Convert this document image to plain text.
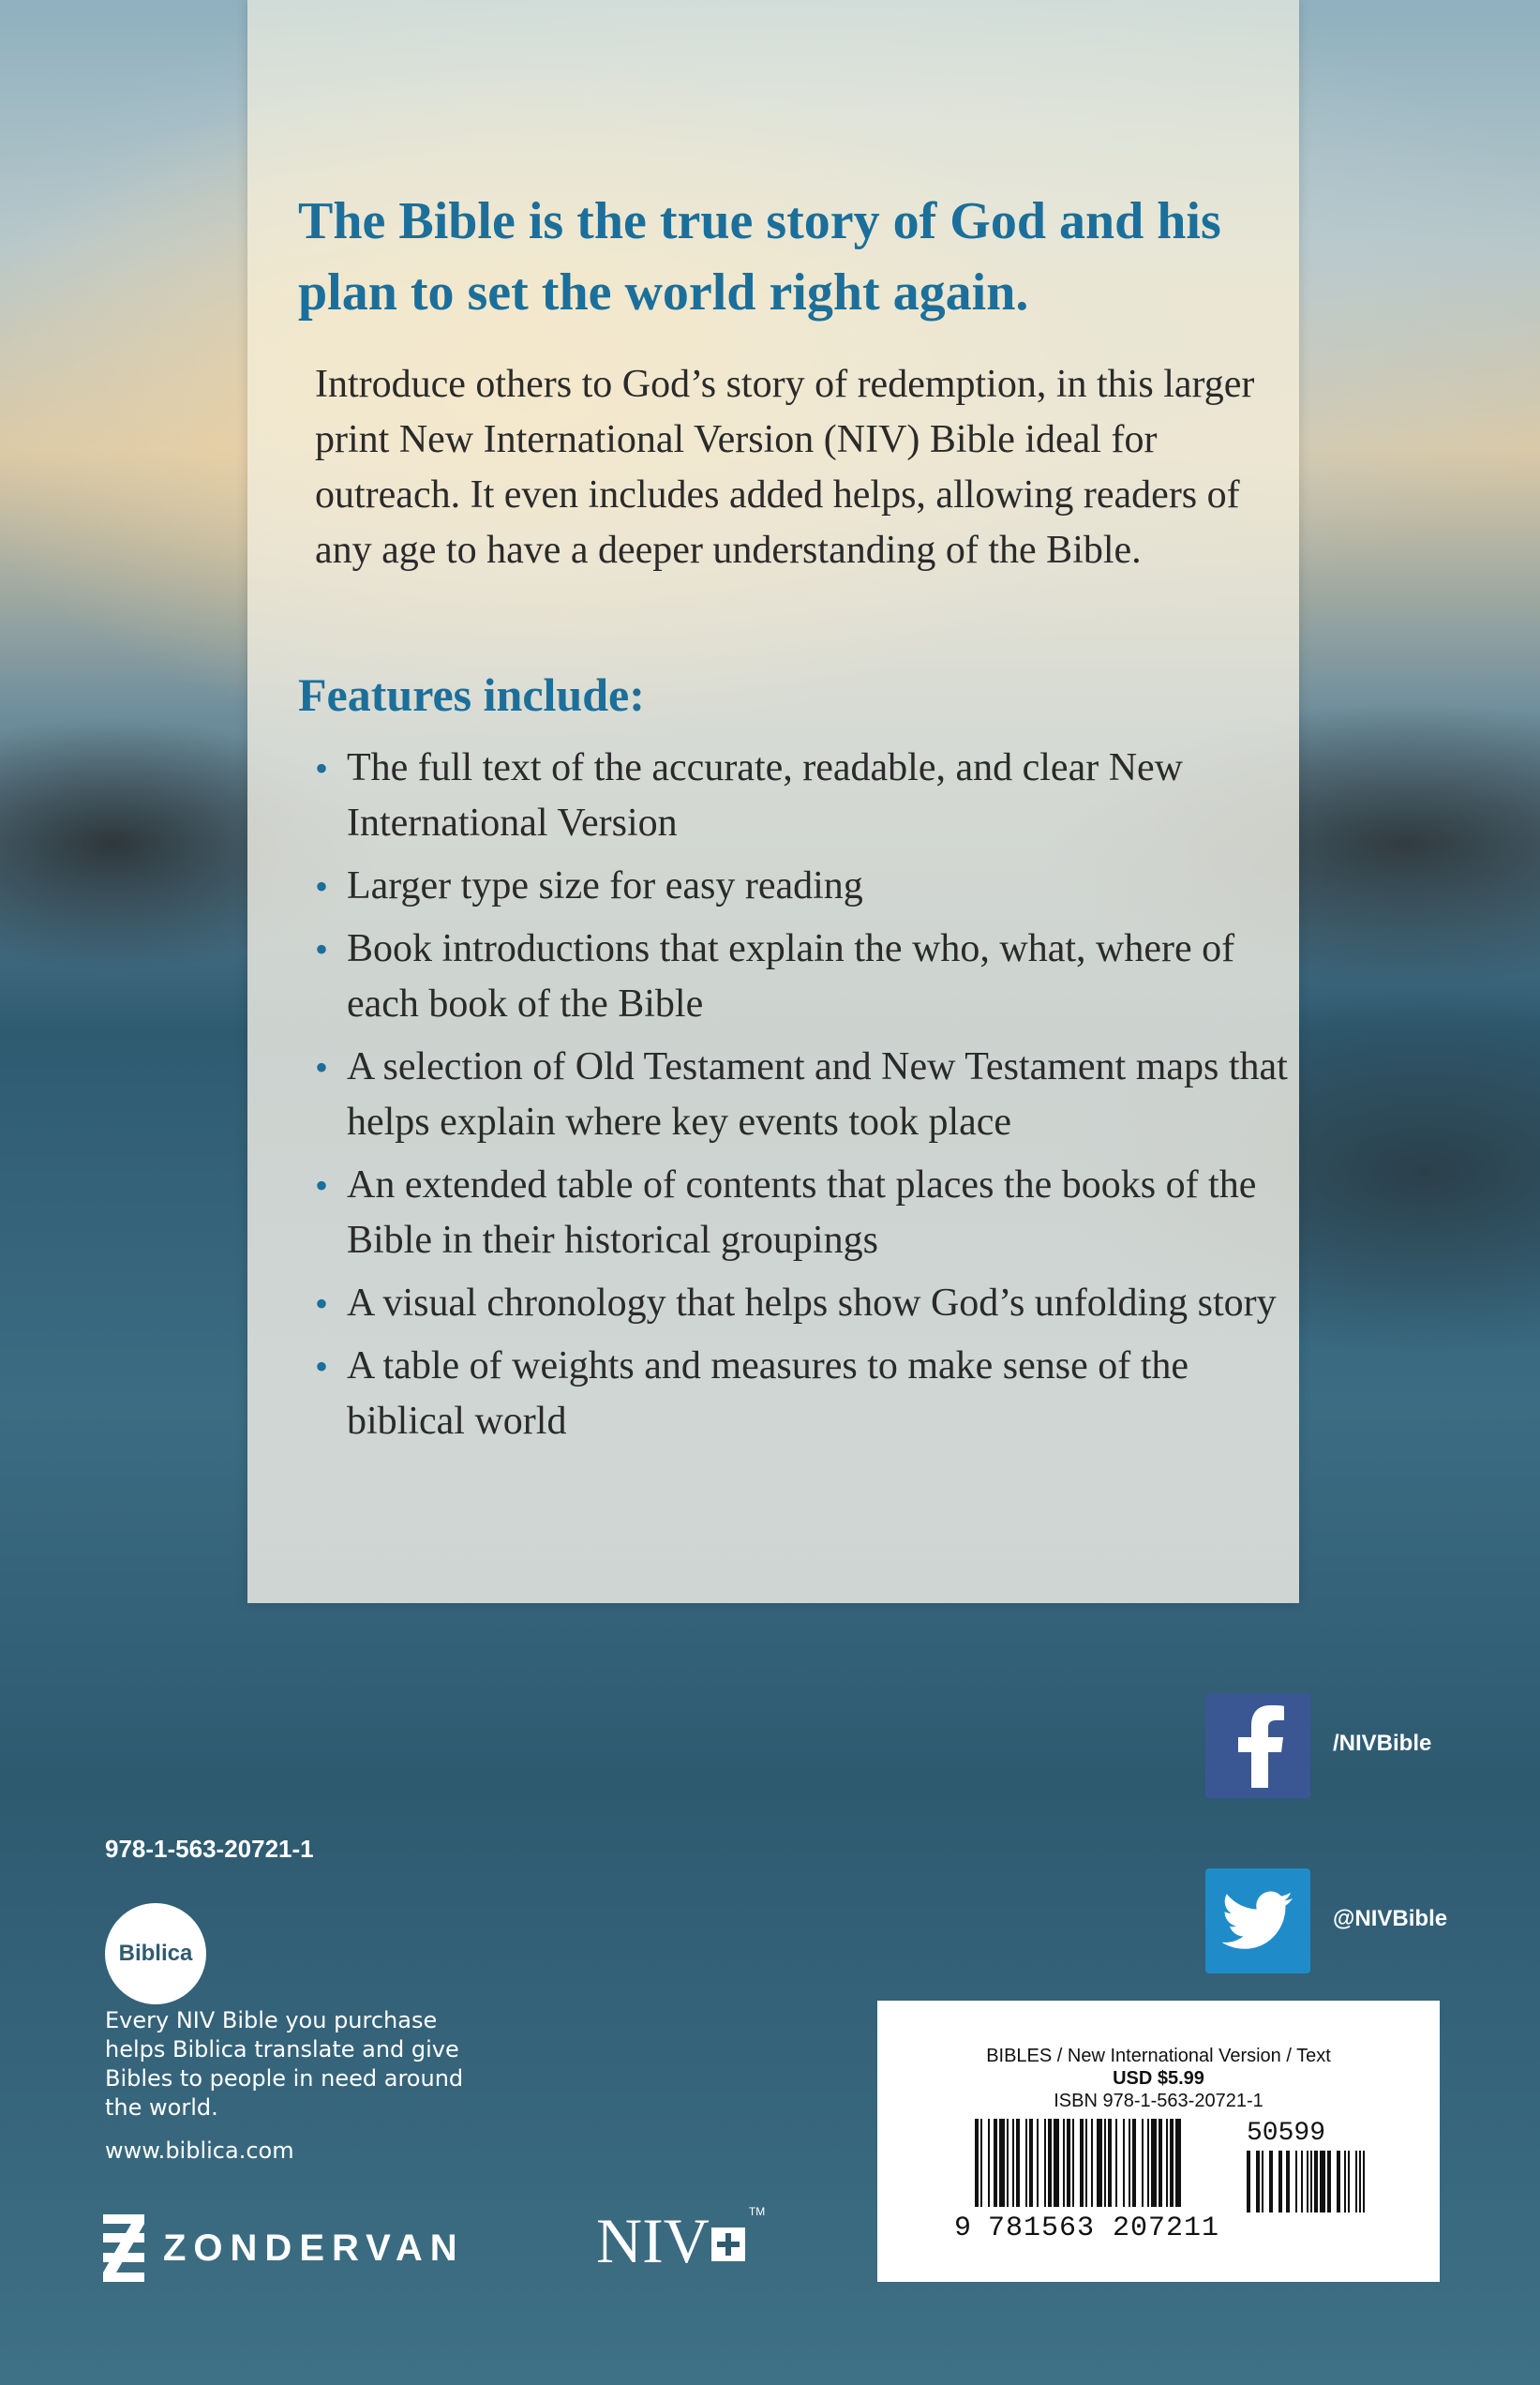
The Bible is the true story of God and his plan to set the world right again.

Introduce others to God’s story of redemption, in this larger print New International Version (NIV) Bible ideal for outreach. It even includes added helps, allowing readers of any age to have a deeper understanding of the Bible.

Features include:
• The full text of the accurate, readable, and clear New International Version
• Larger type size for easy reading
• Book introductions that explain the who, what, where of each book of the Bible
• A selection of Old Testament and New Testament maps that helps explain where key events took place
• An extended table of contents that places the books of the Bible in their historical groupings
• A visual chronology that helps show God’s unfolding story
• A table of weights and measures to make sense of the biblical world
/NIVBible
@NIVBible
978-1-563-20721-1
Biblica

Every NIV Bible you purchase helps Biblica translate and give Bibles to people in need around the world.

www.biblica.com
ZONDERVAN NIV	TM
BIBLES / New International Version / Text
USD $5.99
ISBN 978-1-563-20721-1
50599
9 781563 207211
